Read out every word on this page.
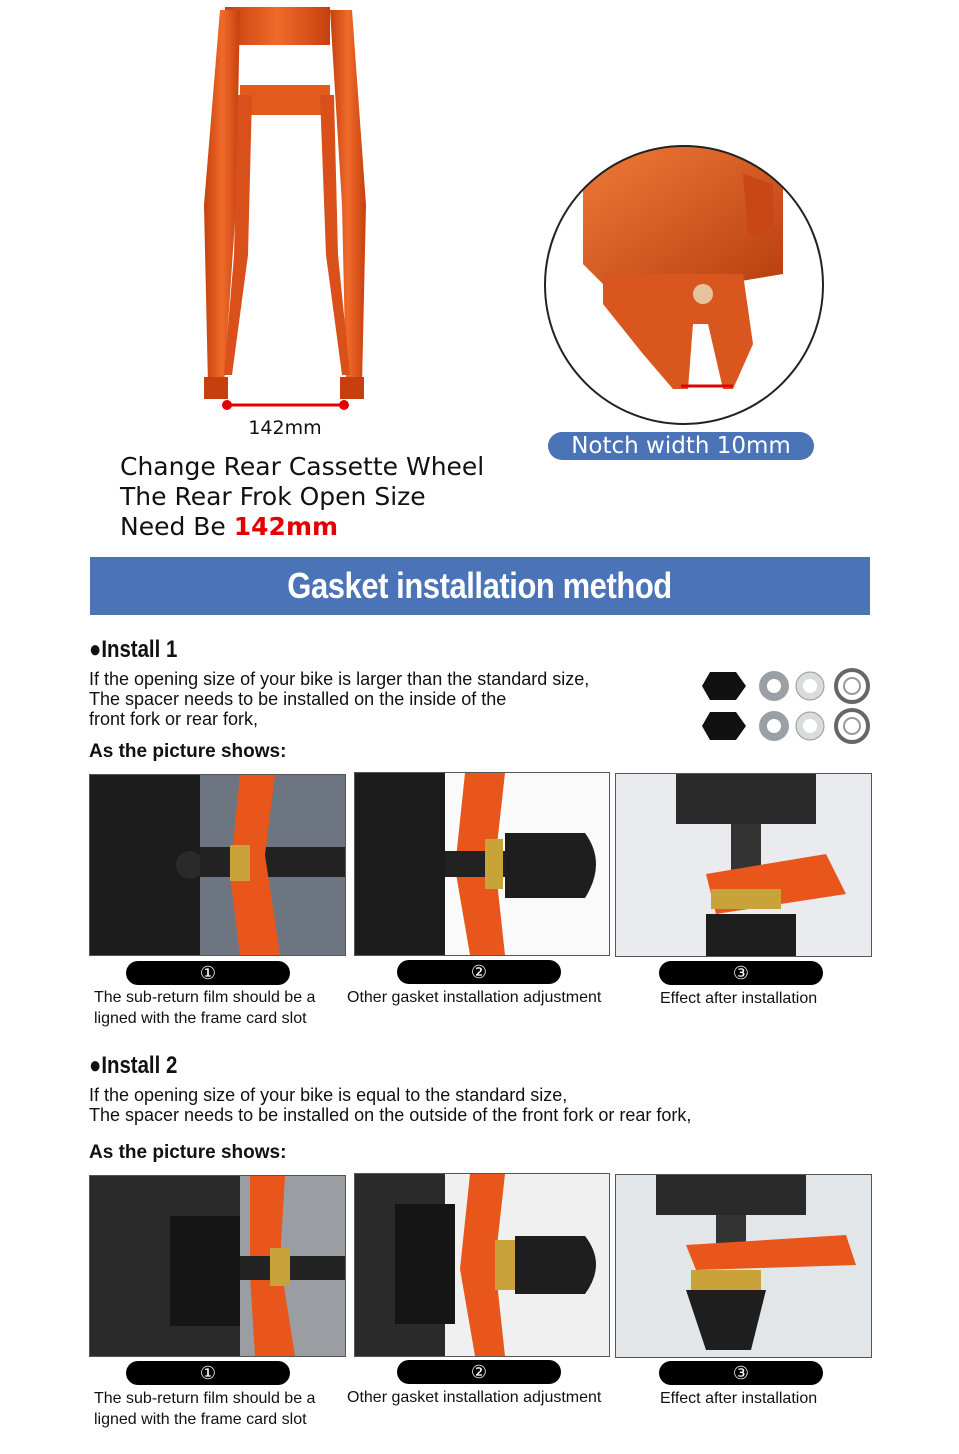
142mm
Change Rear Cassette Wheel
The Rear Frok Open Size
Need Be 142mm
Notch width 10mm
Gasket installation method
●Install 1
If the opening size of your bike is larger than the standard size,
The spacer needs to be installed on the inside of the
front fork or rear fork,
As the picture shows:
①	②	③
The sub-return film should be a
ligned with the frame card slot
Other gasket installation adjustment	Effect after installation
●Install 2
If the opening size of your bike is equal to the standard size,
The spacer needs to be installed on the outside of the front fork or rear fork,
As the picture shows:
①	②	③
The sub-return film should be a
ligned with the frame card slot
Other gasket installation adjustment	Effect after installation
